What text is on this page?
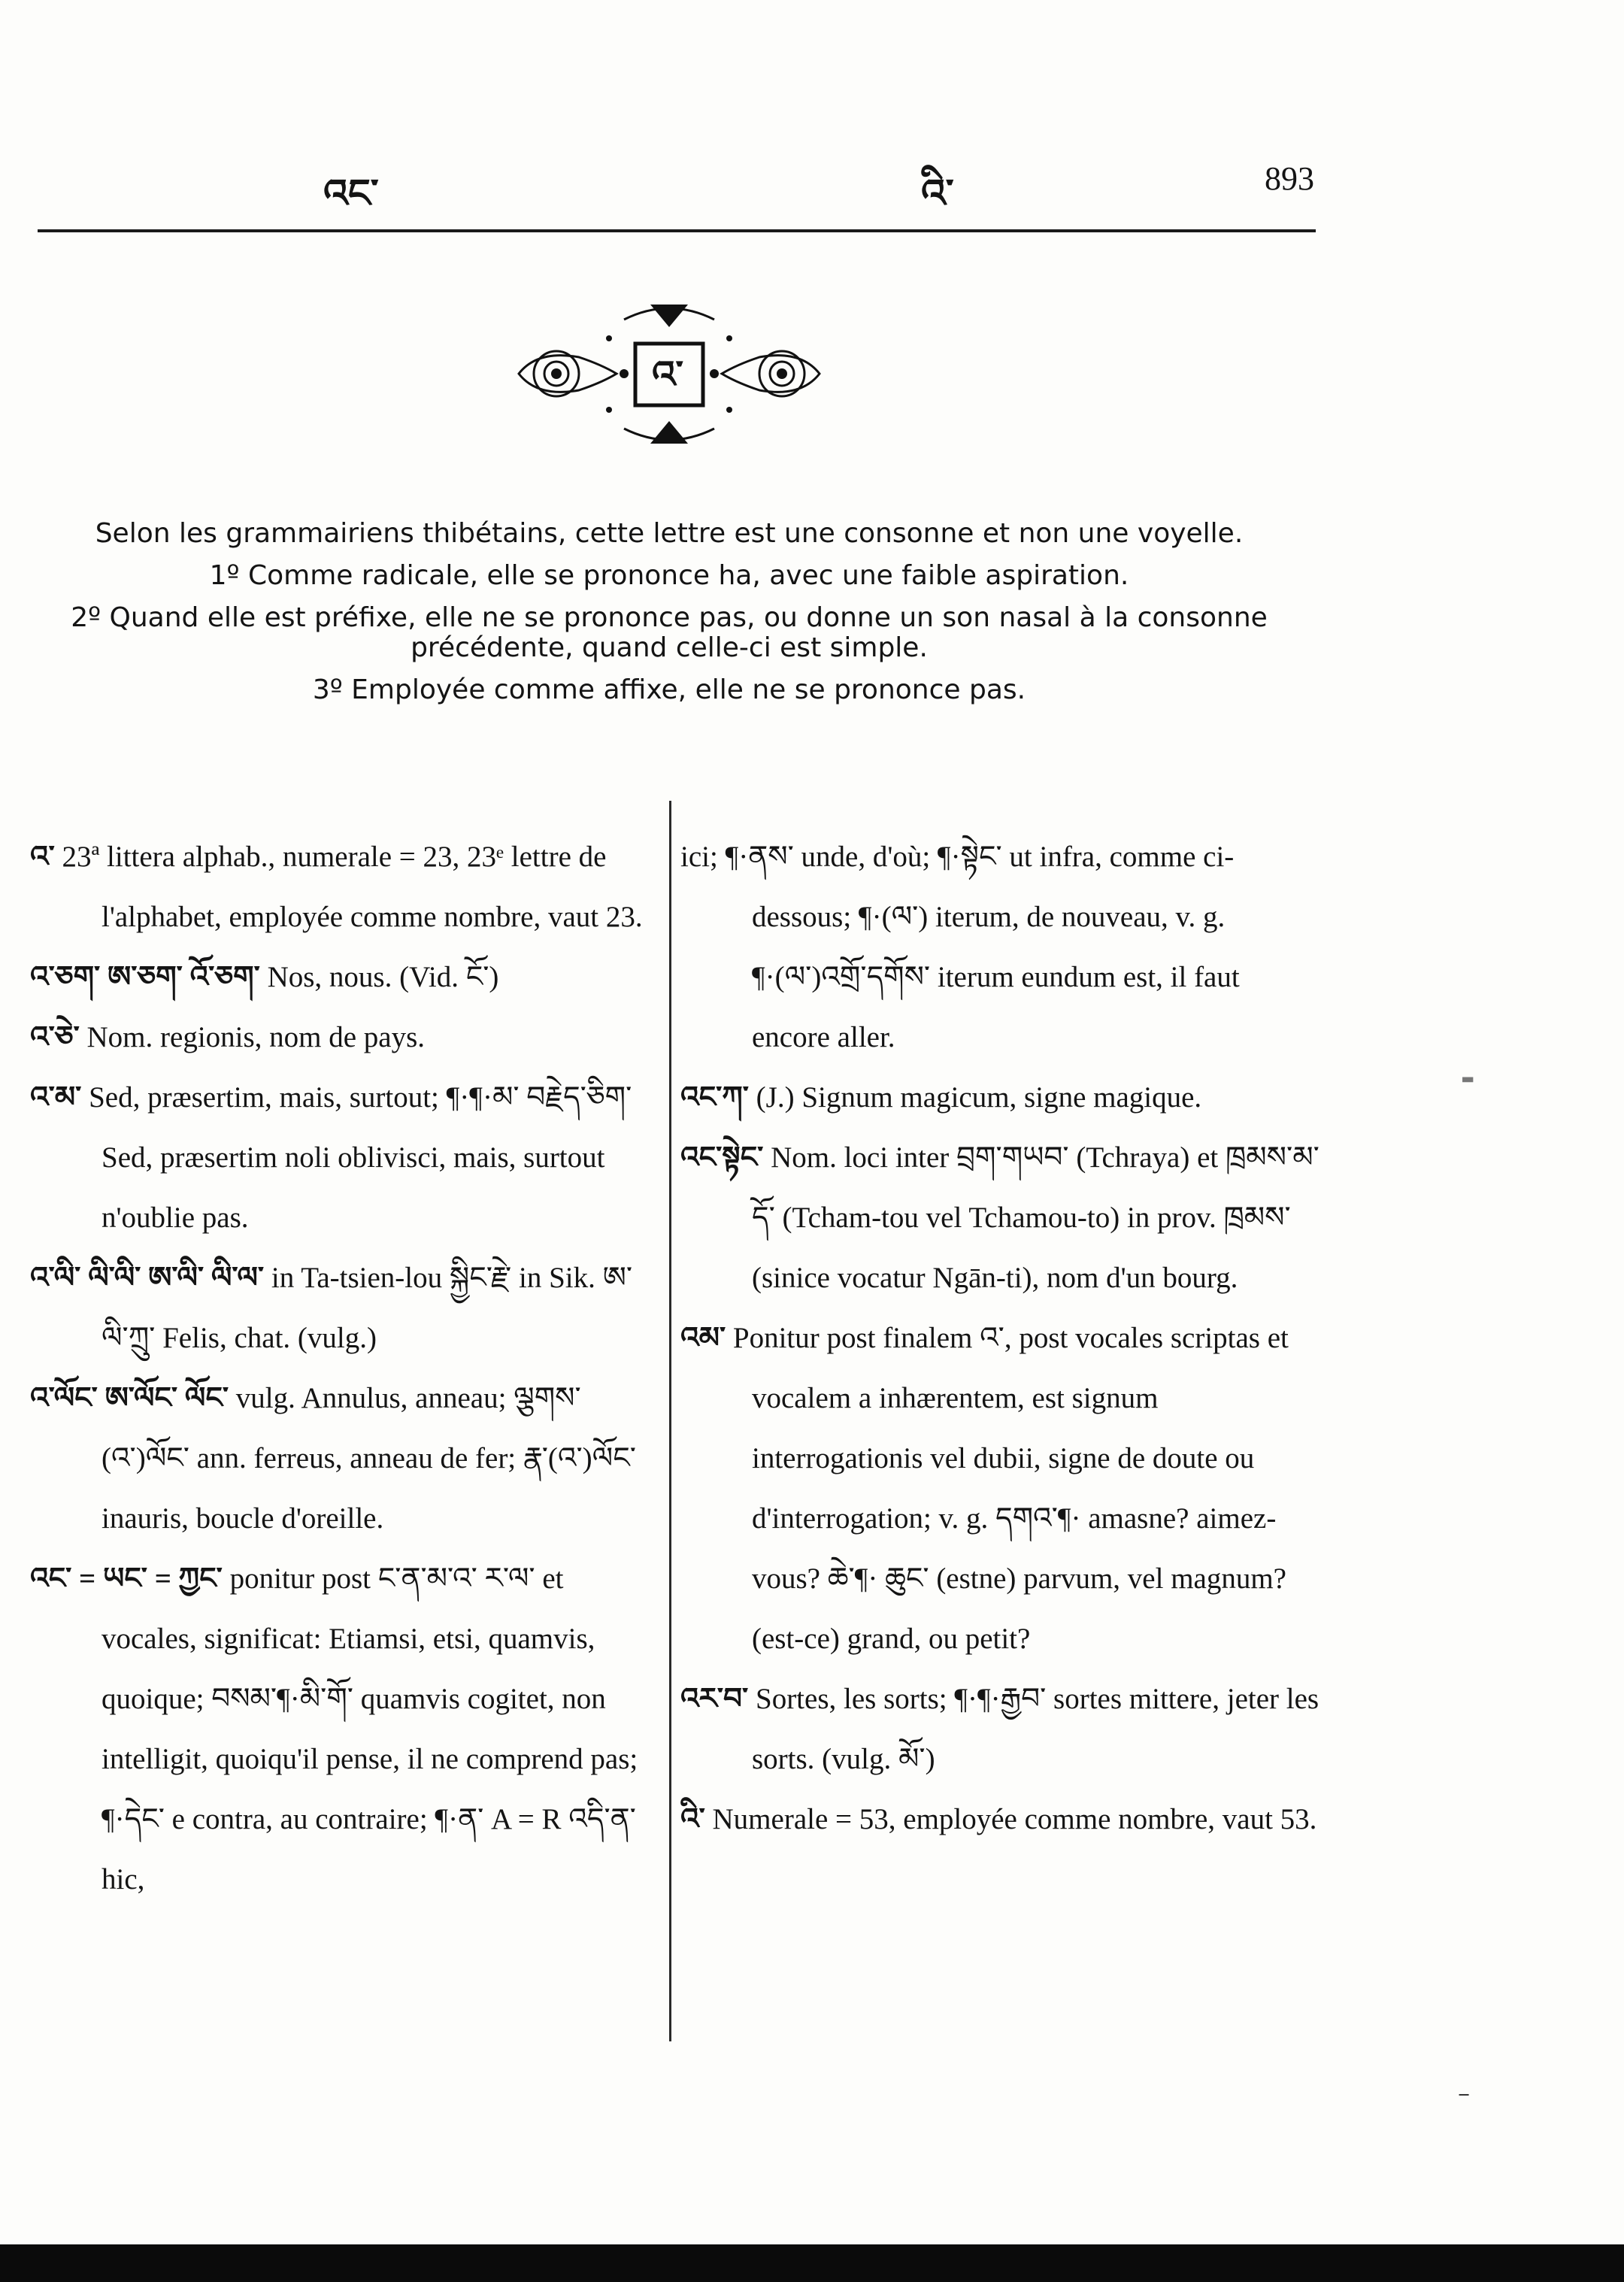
འང་	འི་	893
འ་

Selon les grammairiens thibétains, cette lettre est une consonne et non une voyelle.

1º Comme radicale, elle se prononce ha, avec une faible aspiration.

2º Quand elle est préfixe, elle ne se prononce pas, ou donne un son nasal à la consonne précédente, quand celle-ci est simple.

3º Employée comme affixe, elle ne se prononce pas.

འ་ 23ª littera alphab., numerale = 23, 23ᵉ lettre de l'alphabet, employée comme nombre, vaut 23.

འ་ཅག་ ཨ་ཅག་ འོ་ཅག་ Nos, nous. (Vid. ངོ་)

འ་ཅེ་ Nom. regionis, nom de pays.

འ་མ་ Sed, præsertim, mais, surtout; ¶·¶·མ་ བརྗེད་ཅིག་ Sed, præsertim noli oblivisci, mais, surtout n'oublie pas.

འ་ལི་ ལི་ལི་ ཨ་ལི་ ལི་ལ་ in Ta-tsien-lou སྐྱིང་རྗེ་ in Sik. ཨ་ལི་ཀྲུ་ Felis, chat. (vulg.)

འ་ལོང་ ཨ་ལོང་ ལོང་ vulg. Annulus, anneau; ལྕགས་(འ་)ལོང་ ann. ferreus, anneau de fer; རྣ་(འ་)ལོང་ inauris, boucle d'oreille.

འང་ = ཡང་ = ཀྱང་ ponitur post ང་ན་མ་འ་ ར་ལ་ et vocales, significat: Etiamsi, etsi, quamvis, quoique; བསམ་¶·མི་གོ་ quamvis cogitet, non intelligit, quoiqu'il pense, il ne comprend pas; ¶·དེང་ e contra, au contraire; ¶·ན་ A = R འདི་ན་ hic,

ici; ¶·ནས་ unde, d'où; ¶·སྟེང་ ut infra, comme ci-dessous; ¶·(ལ་) iterum, de nouveau, v. g. ¶·(ལ་)འགྲོ་དགོས་ iterum eundum est, il faut encore aller.

འང་ཀ་ (J.) Signum magicum, signe magique.

འང་སྟེང་ Nom. loci inter བྲག་གཡབ་ (Tchraya) et ཁྲམས་མ་དོ་ (Tcham-tou vel Tchamou-to) in prov. ཁྲམས་ (sinice vocatur Ngān-ti), nom d'un bourg.

འམ་ Ponitur post finalem འ་, post vocales scriptas et vocalem a inhærentem, est signum interrogationis vel dubii, signe de doute ou d'interrogation; v. g. དགའ་¶· amasne? aimez-vous? ཆེ་¶· ཆུང་ (estne) parvum, vel magnum? (est-ce) grand, ou petit?

འར་བ་ Sortes, les sorts; ¶·¶·རྒྱབ་ sortes mittere, jeter les sorts. (vulg. མོ་)

འི་ Numerale = 53, employée comme nombre, vaut 53.

▬
⁻
